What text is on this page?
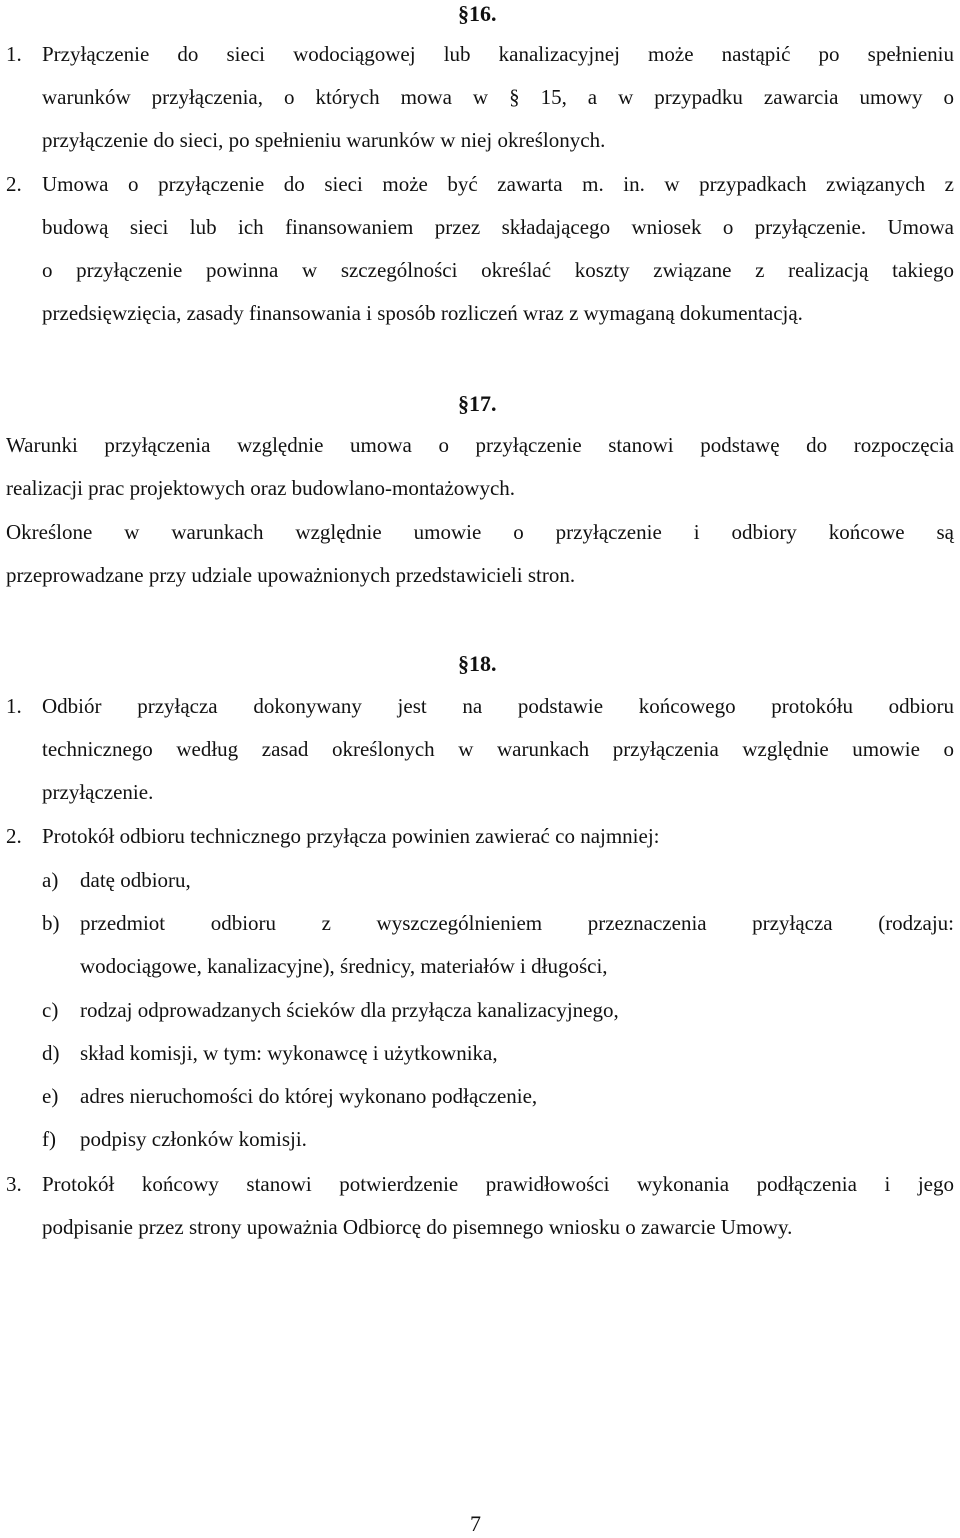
§16.
1. Przyłączenie do sieci wodociągowej lub kanalizacyjnej może nastąpić po spełnieniu
warunków przyłączenia, o których mowa w § 15, a w przypadku zawarcia umowy o
przyłączenie do sieci, po spełnieniu warunków w niej określonych.
2. Umowa o przyłączenie do sieci może być zawarta m. in. w przypadkach związanych z
budową sieci lub ich finansowaniem przez składającego wniosek o przyłączenie. Umowa
o przyłączenie powinna w szczególności określać koszty związane z realizacją takiego
przedsięwzięcia, zasady finansowania i sposób rozliczeń wraz z wymaganą dokumentacją.
§17.
Warunki przyłączenia względnie umowa o przyłączenie stanowi podstawę do rozpoczęcia
realizacji prac projektowych oraz budowlano-montażowych.
Określone w warunkach względnie umowie o przyłączenie i odbiory końcowe są
przeprowadzane przy udziale upoważnionych przedstawicieli stron.
§18.
1. Odbiór przyłącza dokonywany jest na podstawie końcowego protokółu odbioru
technicznego według zasad określonych w warunkach przyłączenia względnie umowie o
przyłączenie.
2. Protokół odbioru technicznego przyłącza powinien zawierać co najmniej:
a) datę odbioru,
b) przedmiot odbioru z wyszczególnieniem przeznaczenia przyłącza (rodzaju:
wodociągowe, kanalizacyjne), średnicy, materiałów i długości,
c) rodzaj odprowadzanych ścieków dla przyłącza kanalizacyjnego,
d) skład komisji, w tym: wykonawcę i użytkownika,
e) adres nieruchomości do której wykonano podłączenie,
f) podpisy członków komisji.
3. Protokół końcowy stanowi potwierdzenie prawidłowości wykonania podłączenia i jego
podpisanie przez strony upoważnia Odbiorcę do pisemnego wniosku o zawarcie Umowy.
7
